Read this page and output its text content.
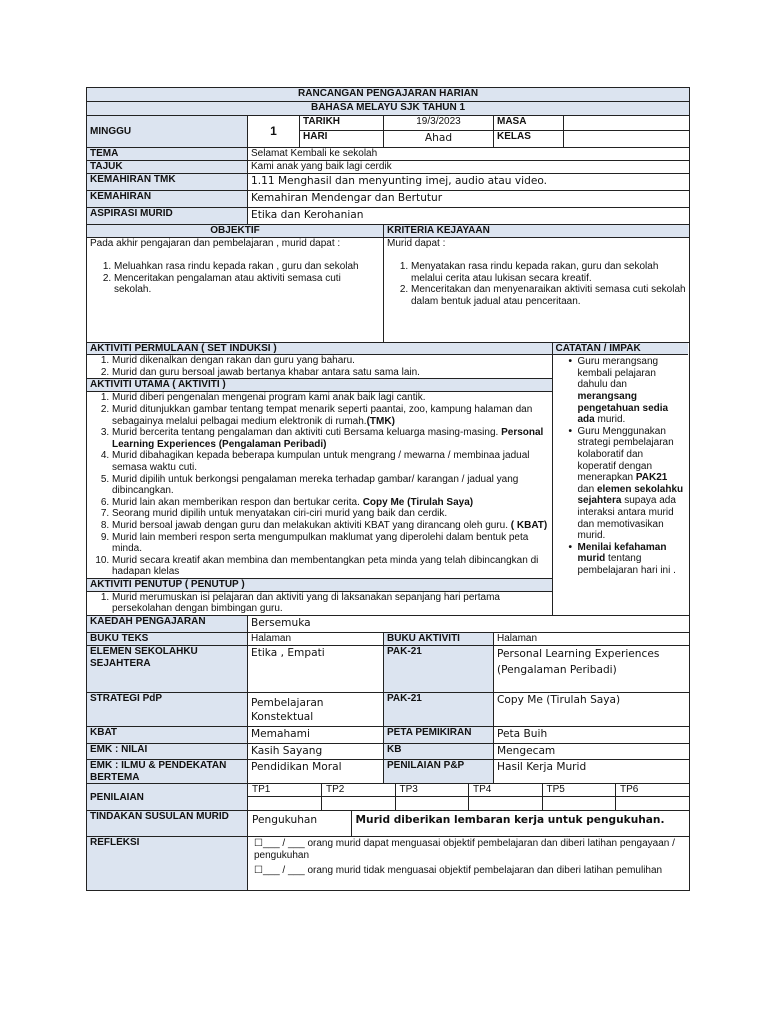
RANCANGAN PENGAJARAN HARIAN
BAHASA MELAYU SJK TAHUN 1
MINGGU	1	TARIKH	19/3/2023	MASA	
HARI	Ahad	KELAS	
TEMA	Selamat Kembali ke sekolah
TAJUK	Kami anak yang baik lagi cerdik
KEMAHIRAN TMK	1.11 Menghasil dan menyunting imej, audio atau video.
KEMAHIRAN	Kemahiran Mendengar dan Bertutur
ASPIRASI MURID	Etika dan Kerohanian
OBJEKTIF	KRITERIA KEJAYAAN

Pada akhir pengajaran dan pembelajaran , murid dapat :
1. Meluahkan rasa rindu kepada rakan , guru dan sekolah
2. Menceritakan pengalaman atau aktiviti semasa cuti sekolah.

Murid dapat :
1. Menyatakan rasa rindu kepada rakan, guru dan sekolah melalui cerita atau lukisan secara kreatif.
2. Menceritakan dan menyenaraikan aktiviti semasa cuti sekolah dalam bentuk jadual atau penceritaan.

AKTIVITI PERMULAAN ( SET INDUKSI )	CATATAN / IMPAK

1. Murid dikenalkan dengan rakan dan guru yang baharu.
2. Murid dan guru bersoal jawab bertanya khabar antara satu sama lain.
AKTIVITI UTAMA ( AKTIVITI )
1. Murid diberi pengenalan mengenai program kami anak baik lagi cantik.
2. Murid ditunjukkan gambar tentang tempat menarik seperti paantai, zoo, kampung halaman dan sebagainya melalui pelbagai medium elektronik di rumah.(TMK)
3. Murid bercerita tentang pengalaman dan aktiviti cuti Bersama keluarga masing-masing. Personal Learning Experiences (Pengalaman Peribadi)
4. Murid dibahagikan kepada beberapa kumpulan untuk mengrang / mewarna / membinaa jadual semasa waktu cuti.
5. Murid dipilih untuk berkongsi pengalaman mereka terhadap gambar/ karangan / jadual yang dibincangkan.
6. Murid lain akan memberikan respon dan bertukar cerita. Copy Me (Tirulah Saya)
7. Seorang murid dipilih untuk menyatakan ciri-ciri murid yang baik dan cerdik.
8. Murid bersoal jawab dengan guru dan melakukan aktiviti KBAT yang dirancang oleh guru. ( KBAT)
9. Murid lain memberi respon serta mengumpulkan maklumat yang diperolehi dalam bentuk peta minda.
10. Murid secara kreatif akan membina dan membentangkan peta minda yang telah dibincangkan di hadapan klelas
AKTIVITI PENUTUP ( PENUTUP )
1. Murid merumuskan isi pelajaran dan aktiviti yang di laksanakan sepanjang hari pertama persekolahan dengan bimbingan guru.

• Guru merangsang kembali pelajaran dahulu dan merangsang pengetahuan sedia ada murid.
• Guru Menggunakan strategi pembelajaran kolaboratif dan koperatif dengan menerapkan PAK21 dan elemen sekolahku sejahtera supaya ada interaksi antara murid dan memotivasikan murid.
• Menilai kefahaman murid tentang pembelajaran hari ini .

KAEDAH PENGAJARAN	Bersemuka
BUKU TEKS	Halaman	BUKU AKTIVITI	Halaman
ELEMEN SEKOLAHKU SEJAHTERA	Etika , Empati	PAK-21	Personal Learning Experiences (Pengalaman Peribadi)
STRATEGI PdP	Pembelajaran Konstektual	PAK-21	Copy Me (Tirulah Saya)
KBAT	Memahami	PETA PEMIKIRAN	Peta Buih
EMK : NILAI	Kasih Sayang	KB	Mengecam
EMK : ILMU & PENDEKATAN BERTEMA	Pendidikan Moral	PENILAIAN P&P	Hasil Kerja Murid
PENILAIAN	
TP1	TP2	TP3	TP4	TP5	TP6

TINDAKAN SUSULAN MURID	Pengukuhan	Murid diberikan lembaran kerja untuk pengukuhan.

REFLEKSI	☐___ / ___ orang murid dapat menguasai objektif pembelajaran dan diberi latihan pengayaan / pengukuhan
☐___ / ___ orang murid tidak menguasai objektif pembelajaran dan diberi latihan pemulihan
